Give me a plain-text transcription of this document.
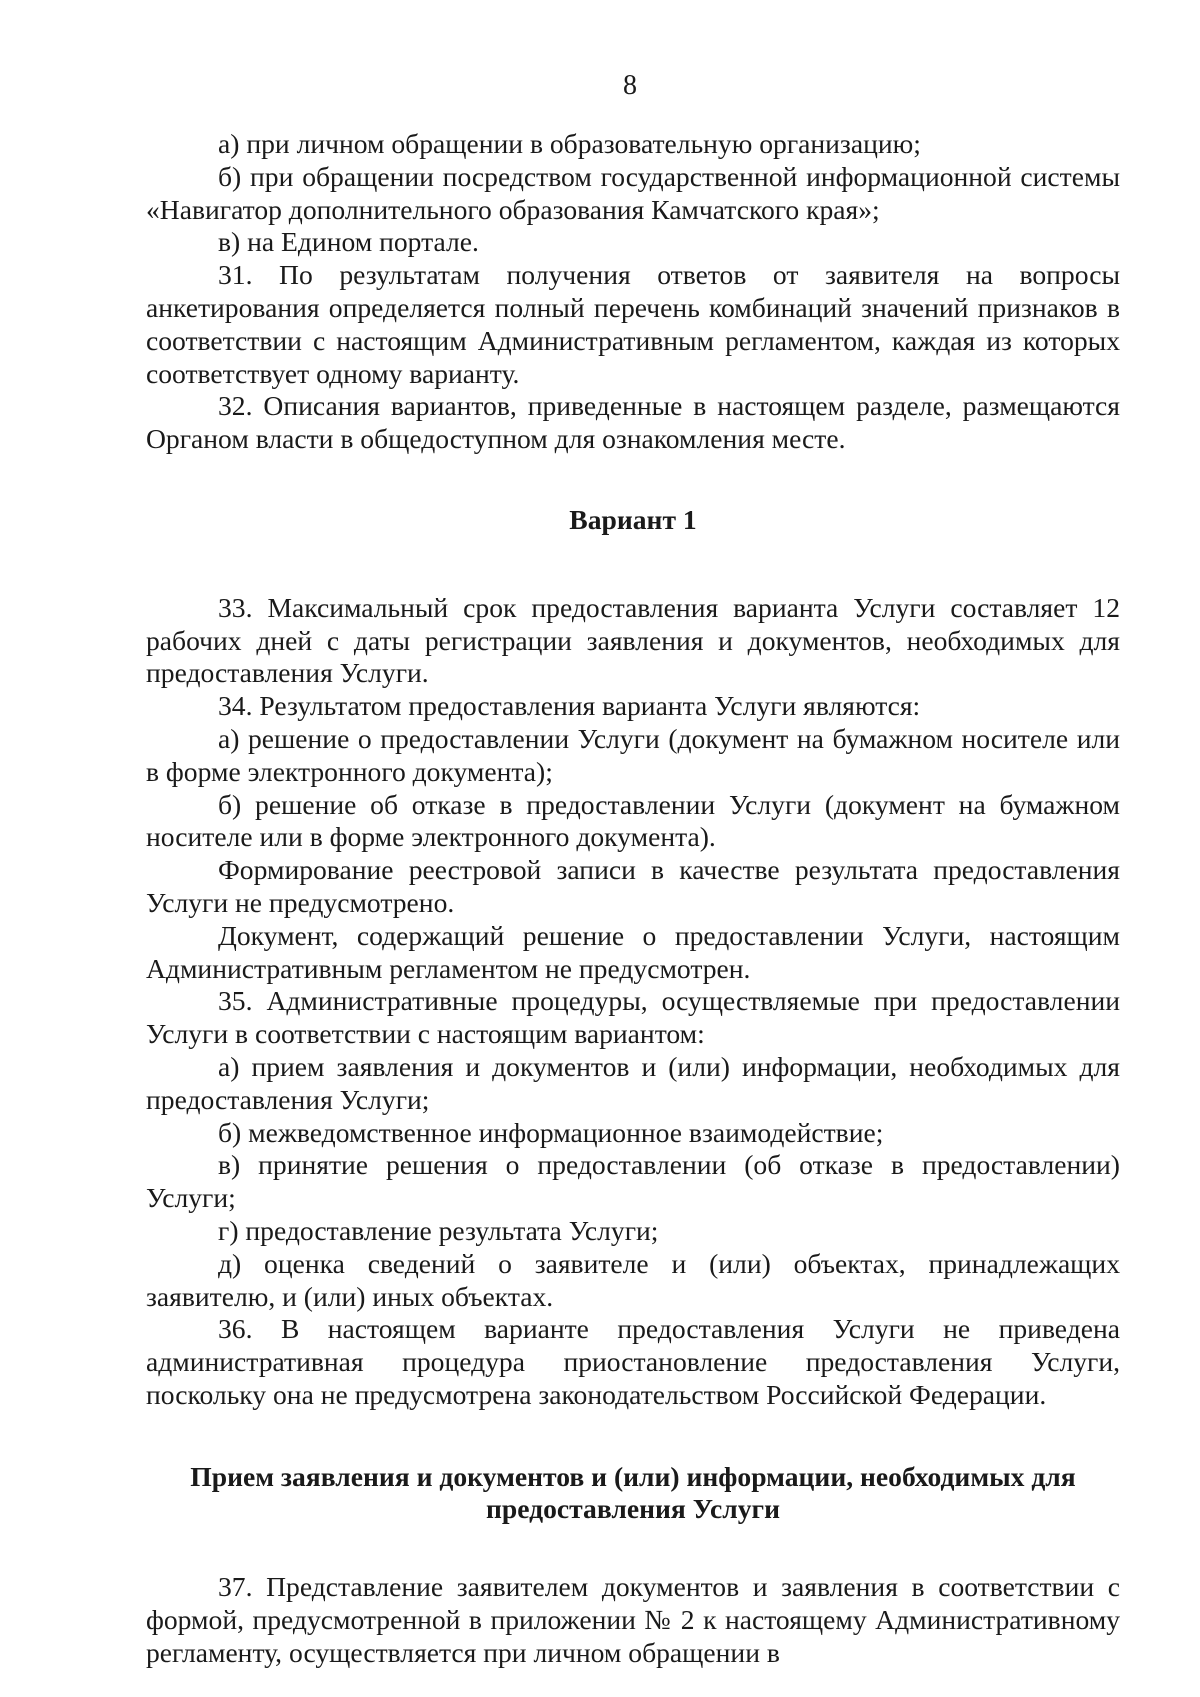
8

а) при личном обращении в образовательную организацию;

б) при обращении посредством государственной информационной системы «Навигатор дополнительного образования Камчатского края»;

в) на Едином портале.

31. По результатам получения ответов от заявителя на вопросы анкетирования определяется полный перечень комбинаций значений признаков в соответствии с настоящим Административным регламентом, каждая из которых соответствует одному варианту.

32. Описания вариантов, приведенные в настоящем разделе, размещаются Органом власти в общедоступном для ознакомления месте.

Вариант 1

33. Максимальный срок предоставления варианта Услуги составляет 12 рабочих дней с даты регистрации заявления и документов, необходимых для предоставления Услуги.

34. Результатом предоставления варианта Услуги являются:

а) решение о предоставлении Услуги (документ на бумажном носителе или в форме электронного документа);

б) решение об отказе в предоставлении Услуги (документ на бумажном носителе или в форме электронного документа).

Формирование реестровой записи в качестве результата предоставления Услуги не предусмотрено.

Документ, содержащий решение о предоставлении Услуги, настоящим Административным регламентом не предусмотрен.

35. Административные процедуры, осуществляемые при предоставлении Услуги в соответствии с настоящим вариантом:

а) прием заявления и документов и (или) информации, необходимых для предоставления Услуги;

б) межведомственное информационное взаимодействие;

в) принятие решения о предоставлении (об отказе в предоставлении) Услуги;

г) предоставление результата Услуги;

д) оценка сведений о заявителе и (или) объектах, принадлежащих заявителю, и (или) иных объектах.

36. В настоящем варианте предоставления Услуги не приведена административная процедура приостановление предоставления Услуги, поскольку она не предусмотрена законодательством Российской Федерации.

Прием заявления и документов и (или) информации, необходимых для
предоставления Услуги

37. Представление заявителем документов и заявления в соответствии с формой, предусмотренной в приложении № 2 к настоящему Административному регламенту, осуществляется при личном обращении в
